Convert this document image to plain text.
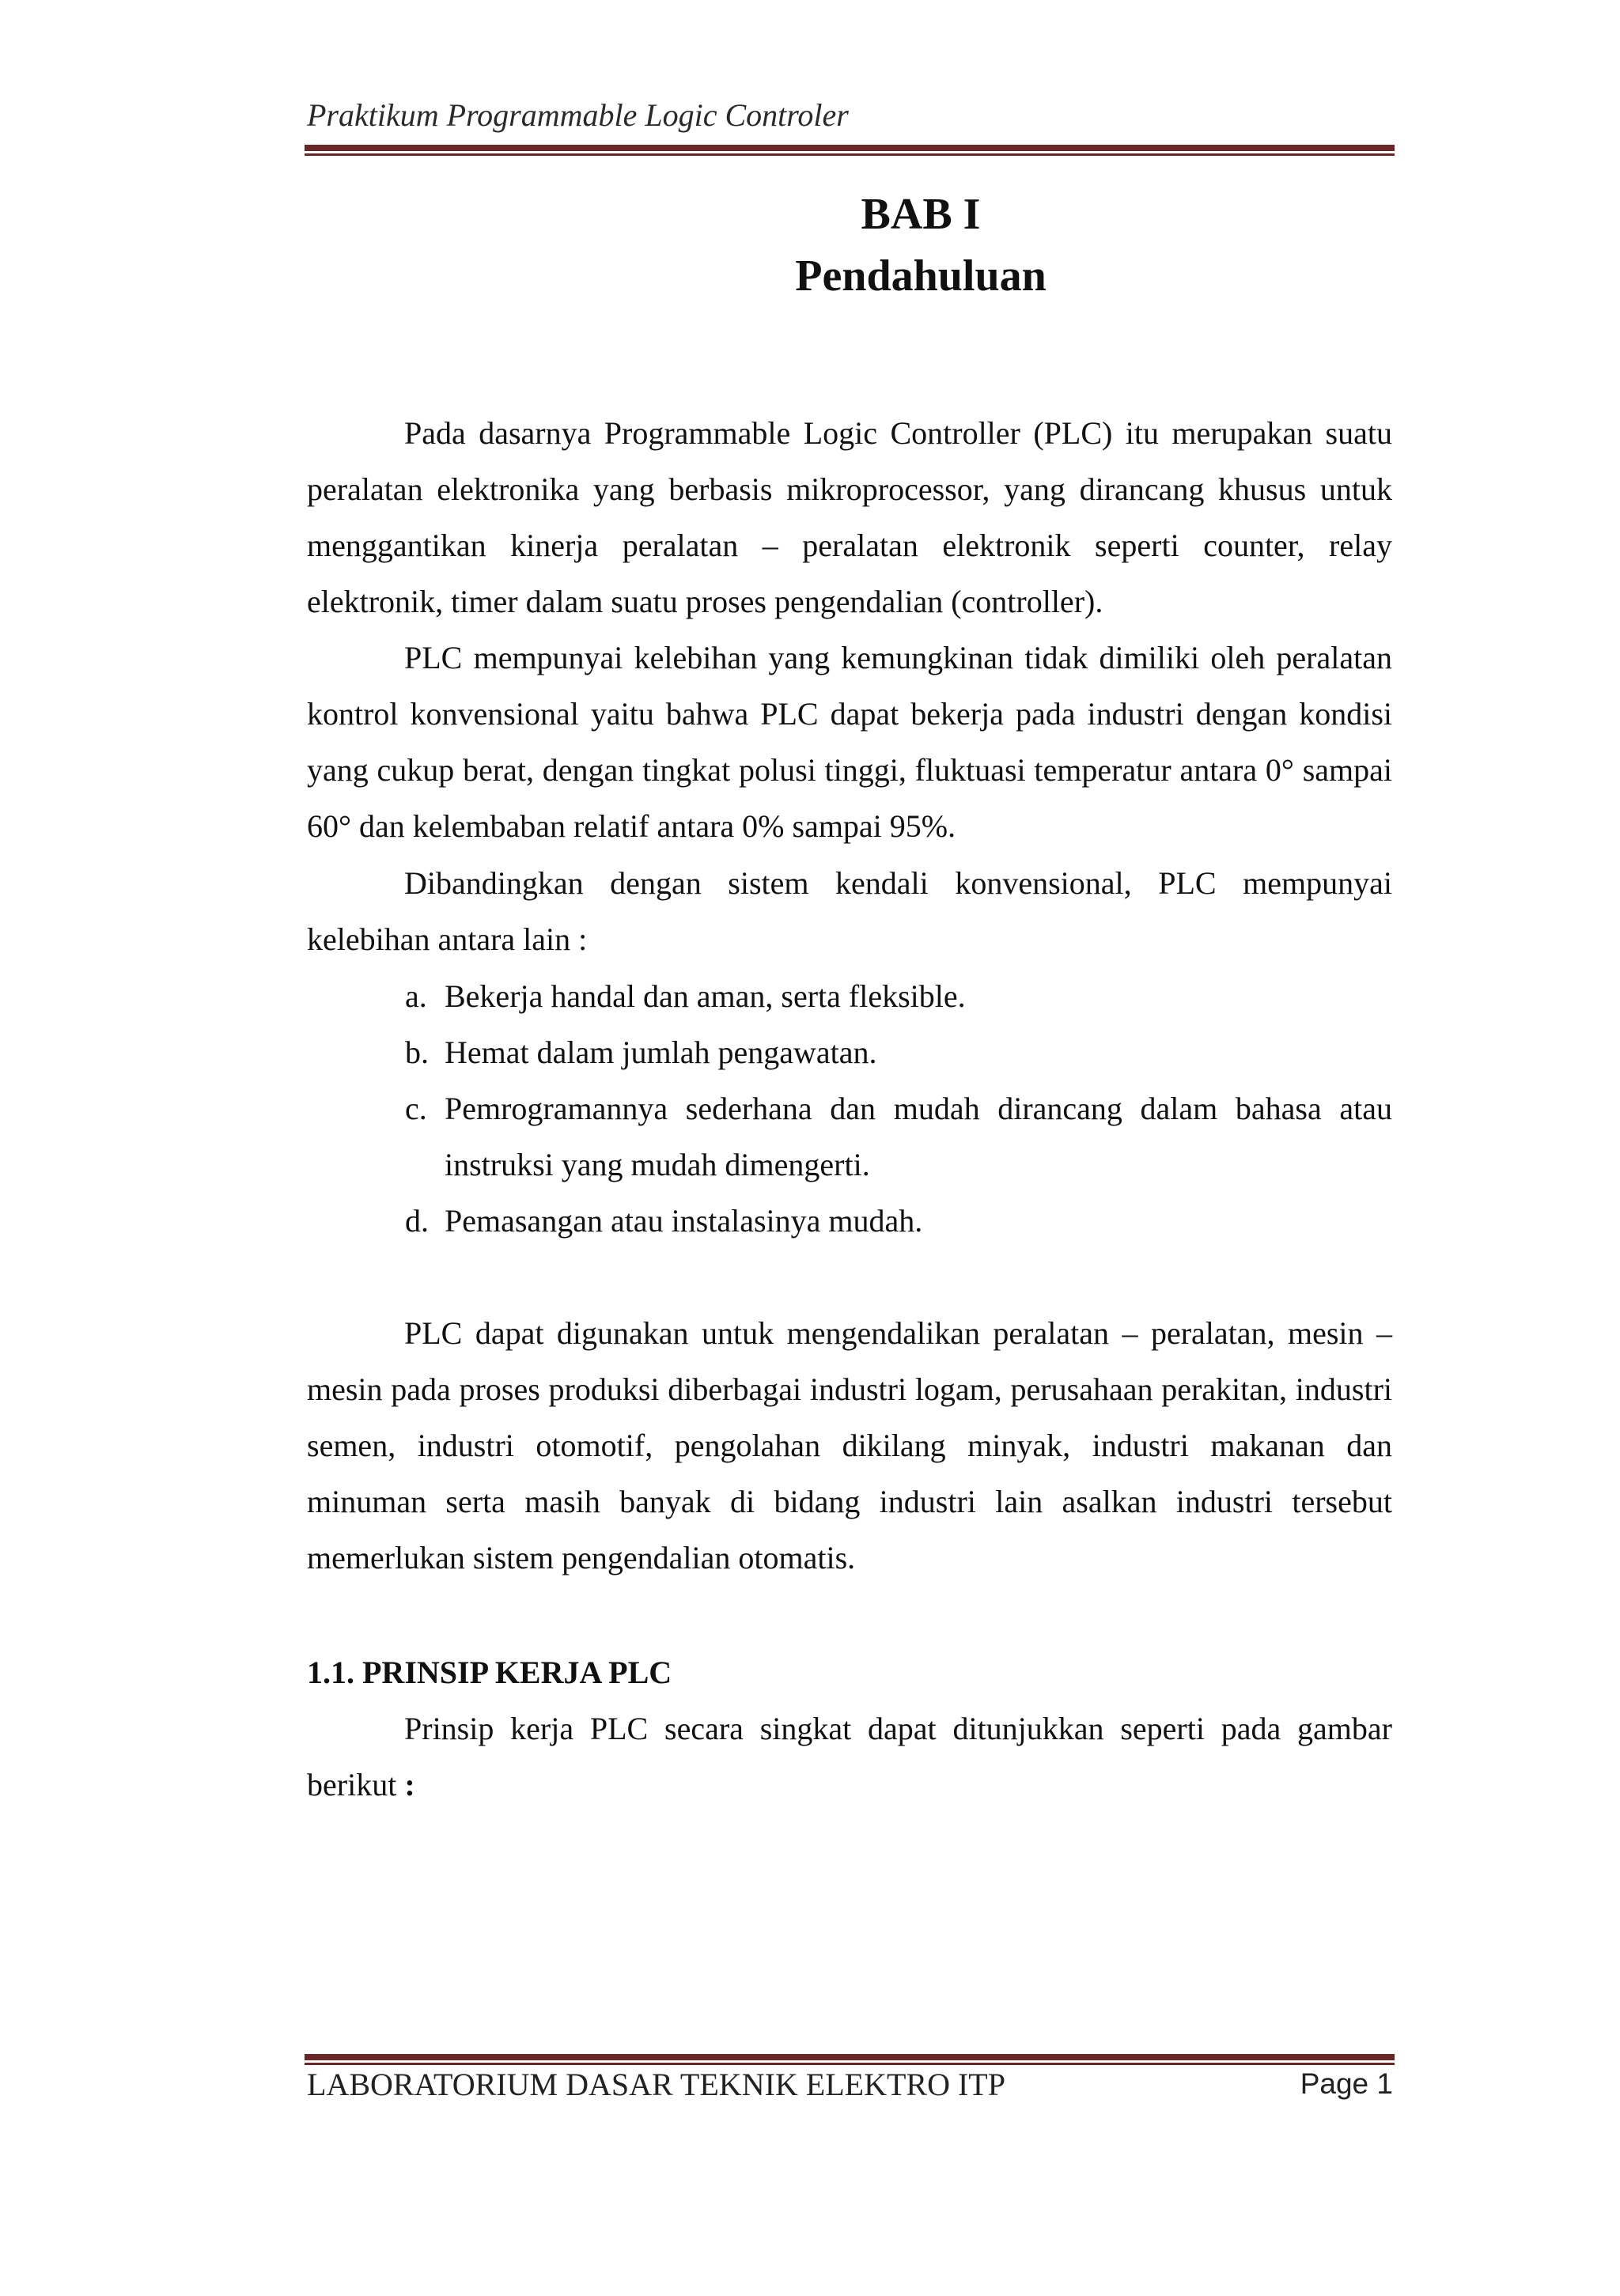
Praktikum Programmable Logic Controler
BAB I
Pendahuluan

Pada dasarnya Programmable Logic Controller (PLC) itu merupakan suatu peralatan elektronika yang berbasis mikroprocessor, yang dirancang khusus untuk menggantikan kinerja peralatan – peralatan elektronik seperti counter, relay elektronik, timer dalam suatu proses pengendalian (controller).

PLC mempunyai kelebihan yang kemungkinan tidak dimiliki oleh peralatan kontrol konvensional yaitu bahwa PLC dapat bekerja pada industri dengan kondisi yang cukup berat, dengan tingkat polusi tinggi, fluktuasi temperatur antara 0° sampai 60° dan kelembaban relatif antara 0% sampai 95%.

Dibandingkan dengan sistem kendali konvensional, PLC mempunyai kelebihan antara lain :

a. Bekerja handal dan aman, serta fleksible.
b. Hemat dalam jumlah pengawatan.
c. Pemrogramannya sederhana dan mudah dirancang dalam bahasa atau instruksi yang mudah dimengerti.
d. Pemasangan atau instalasinya mudah.

PLC dapat digunakan untuk mengendalikan peralatan – peralatan, mesin – mesin pada proses produksi diberbagai industri logam, perusahaan perakitan, industri semen, industri otomotif, pengolahan dikilang minyak, industri makanan dan minuman serta masih banyak di bidang industri lain asalkan industri tersebut memerlukan sistem pengendalian otomatis.

1.1. PRINSIP KERJA PLC

Prinsip kerja PLC secara singkat dapat ditunjukkan seperti pada gambar berikut :

LABORATORIUM DASAR TEKNIK ELEKTRO ITP	Page 1
